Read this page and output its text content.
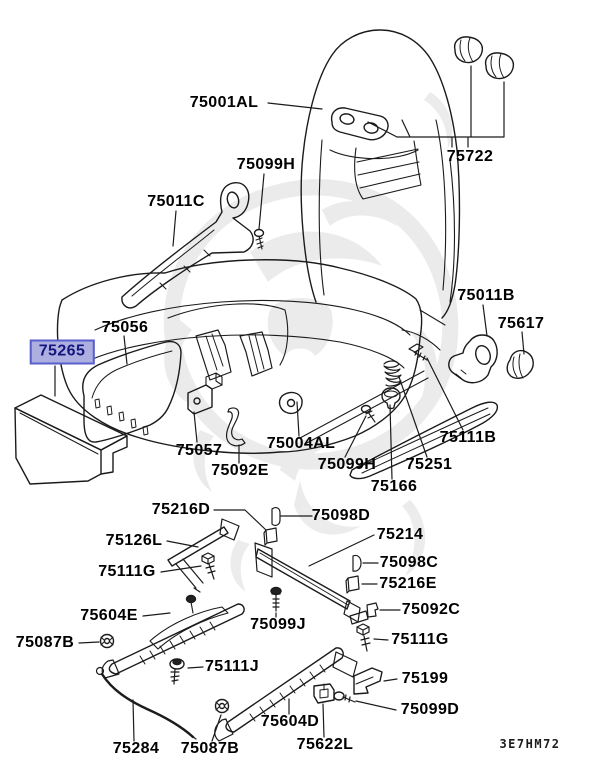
75001AL
75722
75099H
75011C
75011B
75617
75056
75265
75057
75092E
75004AL
75099H 75251
75166
75111B
75216D	75098D
75126L
75111G
75214
75098C
75216E
75092C
75111G
75604E
75099J
75087B
75111J
75284 75087B
75604D
75622L
75199
75099D
3E7HM72
